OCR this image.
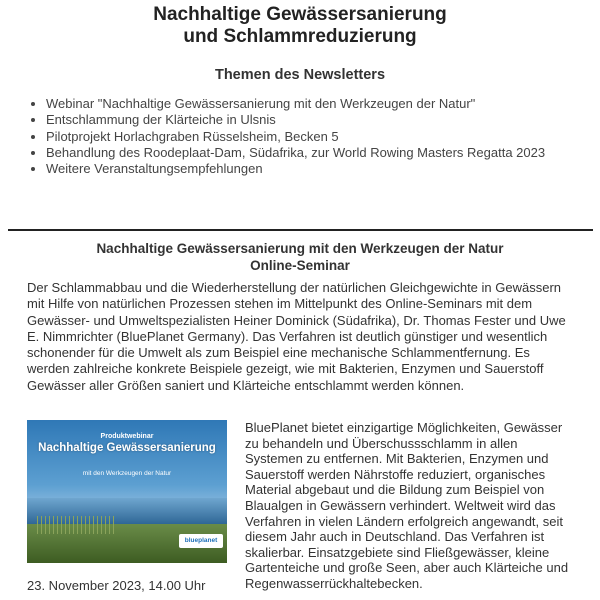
Nachhaltige Gewässersanierung
und Schlammreduzierung
Themen des Newsletters
• Webinar "Nachhaltige Gewässersanierung mit den Werkzeugen der Natur"
• Entschlammung der Klärteiche in Ulsnis
• Pilotprojekt Horlachgraben Rüsselsheim, Becken 5
• Behandlung des Roodeplaat-Dam, Südafrika, zur World Rowing Masters Regatta 2023
• Weitere Veranstaltungsempfehlungen
Nachhaltige Gewässersanierung mit den Werkzeugen der Natur
Online-Seminar
Der Schlammabbau und die Wiederherstellung der natürlichen Gleichgewichte in Gewässern mit Hilfe von natürlichen Prozessen stehen im Mittelpunkt des Online-Seminars mit dem Gewässer- und Umweltspezialisten Heiner Dominick (Südafrika), Dr. Thomas Fester und Uwe E. Nimmrichter (BluePlanet Germany). Das Verfahren ist deutlich günstiger und wesentlich schonender für die Umwelt als zum Beispiel eine mechanische Schlammentfernung. Es werden zahlreiche konkrete Beispiele gezeigt, wie mit Bakterien, Enzymen und Sauerstoff Gewässer aller Größen saniert und Klärteiche entschlammt werden können.
Produktwebinar
Nachhaltige Gewässersanierung
mit den Werkzeugen der Natur
blueplanet
23. November 2023, 14.00 Uhr
BluePlanet bietet einzigartige Möglichkeiten, Gewässer zu behandeln und Überschussschlamm in allen Systemen zu entfernen. Mit Bakterien, Enzymen und Sauerstoff werden Nährstoffe reduziert, organisches Material abgebaut und die Bildung zum Beispiel von Blaualgen in Gewässern verhindert. Weltweit wird das Verfahren in vielen Ländern erfolgreich angewandt, seit diesem Jahr auch in Deutschland. Das Verfahren ist skalierbar. Einsatzgebiete sind Fließgewässer, kleine Gartenteiche und große Seen, aber auch Klärteiche und Regenwasserrückhaltebecken.
